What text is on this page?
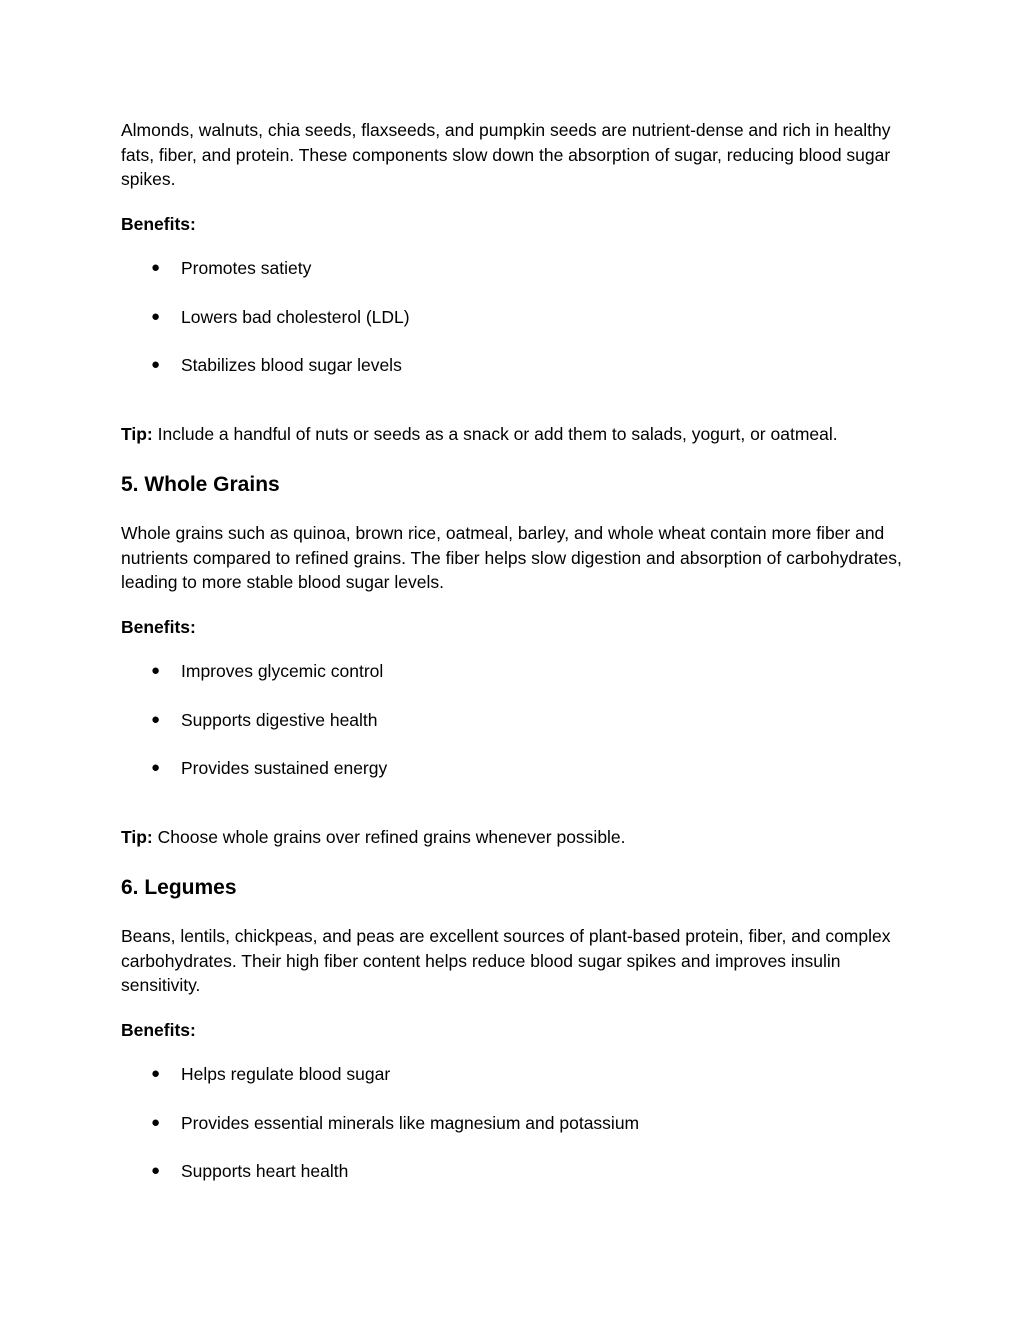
Almonds, walnuts, chia seeds, flaxseeds, and pumpkin seeds are nutrient-dense and rich in healthy fats, fiber, and protein. These components slow down the absorption of sugar, reducing blood sugar spikes.

Benefits:

● Promotes satiety
● Lowers bad cholesterol (LDL)
● Stabilizes blood sugar levels

Tip: Include a handful of nuts or seeds as a snack or add them to salads, yogurt, or oatmeal.

5. Whole Grains

Whole grains such as quinoa, brown rice, oatmeal, barley, and whole wheat contain more fiber and nutrients compared to refined grains. The fiber helps slow digestion and absorption of carbohydrates, leading to more stable blood sugar levels.

Benefits:

● Improves glycemic control
● Supports digestive health
● Provides sustained energy

Tip: Choose whole grains over refined grains whenever possible.

6. Legumes

Beans, lentils, chickpeas, and peas are excellent sources of plant-based protein, fiber, and complex carbohydrates. Their high fiber content helps reduce blood sugar spikes and improves insulin sensitivity.

Benefits:

● Helps regulate blood sugar
● Provides essential minerals like magnesium and potassium
● Supports heart health
